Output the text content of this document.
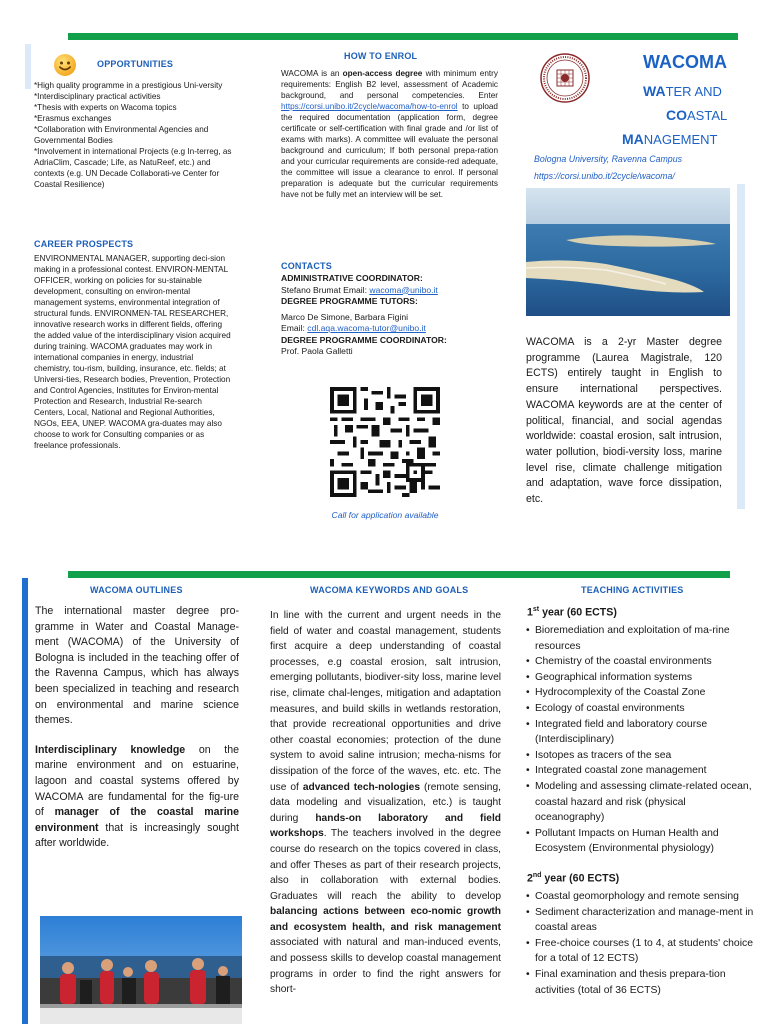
OPPORTUNITIES

*High quality programme in a prestigious Uni-versity

*Interdisciplinary practical activities

*Thesis with experts on Wacoma topics

*Erasmus exchanges

*Collaboration with Environmental Agencies and Governmental Bodies

*Involvement in international Projects (e.g In-terreg, as AdriaClim, Cascade; Life, as NatuReef, etc.) and contexts (e.g. UN Decade Collaborati-ve Center for Coastal Resilience)

CAREER PROSPECTS
ENVIRONMENTAL MANAGER, supporting deci-sion making in a professional contest. ENVIRON-MENTAL OFFICER, working on policies for su-stainable development, consulting on environ-mental management systems, environmental integration of structural funds. ENVIRONMEN-TAL RESEARCHER, innovative research works in different fields, offering the added value of the interdisciplinary vision acquired during training. WACOMA graduates may work in international companies in energy, industrial chemistry, tou-rism, building, insurance, etc. fields; at Universi-ties, Research bodies, Prevention, Protection and Control Agencies, Institutes for Environ-mental Protection and Research, Industrial Re-search Centers, Local, National and Regional Authorities, NGOs, EEA, UNEP. WACOMA gra-duates may also choose to work for Consulting companies or as freelance professionals.
HOW TO ENROL
WACOMA is an open-access degree with minimum entry requirements: English B2 level, assessment of Academic background, and personal competencies. Enter https://corsi.unibo.it/2cycle/wacoma/how-to-enrol to upload the required documentation (application form, degree certificate or self-certification with final grade and /or list of exams with marks). A committee will evaluate the personal background and curriculum; If both personal prepa-ration and your curricular requirements are conside-red adequate, the committee will issue a clearance to enrol. If personal preparation is adequate but the curricular requirements have not be fully met an interview will be set.
CONTACTS

ADMINISTRATIVE COORDINATOR:

Stefano Brumat Email: wacoma@unibo.it

DEGREE PROGRAMME TUTORS:

Marco De Simone, Barbara Figini

Email: cdl.aqa.wacoma-tutor@unibo.it

DEGREE PROGRAMME COORDINATOR:

Prof. Paola Galletti

Call for application available
WACOMA
WATER AND
COASTAL
MANAGEMENT
Bologna University, Ravenna Campus
https://corsi.unibo.it/2cycle/wacoma/
WACOMA is a 2-yr Master degree programme (Laurea Magistrale, 120 ECTS) entirely taught in English to ensure international perspectives. WACOMA keywords are at the center of political, financial, and social agendas worldwide: coastal erosion, salt intrusion, water pollution, biodi-versity loss, marine level rise, climate challenge mitigation and adaptation, wave force dissipation, etc.
WACOMA OUTLINES

The international master degree pro-gramme in Water and Coastal Manage-ment (WACOMA) of the University of Bologna is included in the teaching offer of the Ravenna Campus, which has always been specialized in teaching and research on environmental and marine science themes.

Interdisciplinary knowledge on the marine environment and on estuarine, lagoon and coastal systems offered by WACOMA are fundamental for the fig-ure of manager of the coastal marine environment that is increasingly sought after worldwide.

WACOMA KEYWORDS AND GOALS
In line with the current and urgent needs in the field of water and coastal management, students first acquire a deep understanding of coastal processes, e.g coastal erosion, salt intrusion, emerging pollutants, biodiver-sity loss, marine level rise, climate chal-lenges, mitigation and adaptation measures, and build skills in wetlands restoration, that provide recreational opportunities and drive other coastal economies; protection of the dune system to avoid saline intrusion; mecha-nisms for dissipation of the force of the waves, etc. etc. The use of advanced tech-nologies (remote sensing, data modeling and visualization, etc.) is taught during hands-on laboratory and field workshops. The teachers involved in the degree course do research on the topics covered in class, and offer Theses as part of their research projects, also in collaboration with external bodies. Graduates will reach the ability to develop balancing actions between eco-nomic growth and ecosystem health, and risk management associated with natural and man-induced events, and possess skills to develop coastal management programs in order to find the right answers for short-
TEACHING ACTIVITIES
1st year (60 ECTS)
• Bioremediation and exploitation of ma-rine resources
• Chemistry of the coastal environments
• Geographical information systems
• Hydrocomplexity of the Coastal Zone
• Ecology of coastal environments
• Integrated field and laboratory course (Interdisciplinary)
• Isotopes as tracers of the sea
• Integrated coastal zone management
• Modeling and assessing climate-related ocean, coastal hazard and risk (physical oceanography)
• Pollutant Impacts on Human Health and Ecosystem (Environmental physiology)
2nd year (60 ECTS)
• Coastal geomorphology and remote sensing
• Sediment characterization and manage-ment in coastal areas
• Free-choice courses (1 to 4, at students' choice for a total of 12 ECTS)
• Final examination and thesis prepara-tion activities (total of 36 ECTS)
